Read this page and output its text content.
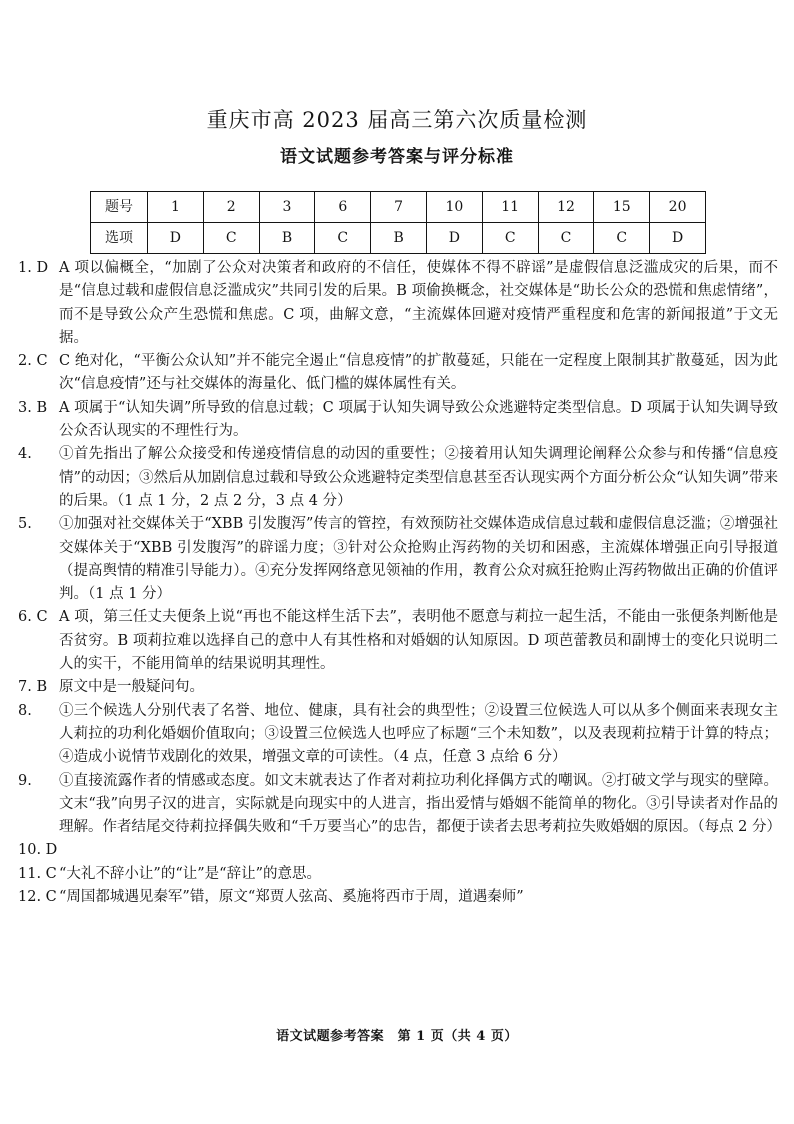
重庆市高 2023 届高三第六次质量检测
语文试题参考答案与评分标准
题号	1	2	3	6	7	10	11	12	15	20
选项	D	C	B	C	B	D	C	C	C	D
1. D A 项以偏概全，“加剧了公众对决策者和政府的不信任，使媒体不得不辟谣”是虚假信息泛滥成灾的后果，而不是“信息过载和虚假信息泛滥成灾”共同引发的后果。B 项偷换概念，社交媒体是“助长公众的恐慌和焦虑情绪”，而不是导致公众产生恐慌和焦虑。C 项，曲解文意，“主流媒体回避对疫情严重程度和危害的新闻报道”于文无据。
2. C C 绝对化，“平衡公众认知”并不能完全遏止“信息疫情”的扩散蔓延，只能在一定程度上限制其扩散蔓延，因为此次“信息疫情”还与社交媒体的海量化、低门槛的媒体属性有关。
3. B A 项属于“认知失调”所导致的信息过载；C 项属于认知失调导致公众逃避特定类型信息。D 项属于认知失调导致公众否认现实的不理性行为。
4. ①首先指出了解公众接受和传递疫情信息的动因的重要性；②接着用认知失调理论阐释公众参与和传播“信息疫情”的动因；③然后从加剧信息过载和导致公众逃避特定类型信息甚至否认现实两个方面分析公众“认知失调”带来的后果。（1 点 1 分，2 点 2 分，3 点 4 分）
5. ①加强对社交媒体关于“XBB 引发腹泻”传言的管控，有效预防社交媒体造成信息过载和虚假信息泛滥；②增强社交媒体关于“XBB 引发腹泻”的辟谣力度；③针对公众抢购止泻药物的关切和困惑，主流媒体增强正向引导报道（提高舆情的精准引导能力）。④充分发挥网络意见领袖的作用，教育公众对疯狂抢购止泻药物做出正确的价值评判。（1 点 1 分）
6. C A 项，第三任丈夫便条上说“再也不能这样生活下去”，表明他不愿意与莉拉一起生活，不能由一张便条判断他是否贫穷。B 项莉拉难以选择自己的意中人有其性格和对婚姻的认知原因。D 项芭蕾教员和副博士的变化只说明二人的实干，不能用简单的结果说明其理性。
7. B 原文中是一般疑问句。
8. ①三个候选人分别代表了名誉、地位、健康，具有社会的典型性；②设置三位候选人可以从多个侧面来表现女主人莉拉的功利化婚姻价值取向；③设置三位候选人也呼应了标题“三个未知数”，以及表现莉拉精于计算的特点；④造成小说情节戏剧化的效果，增强文章的可读性。（4 点，任意 3 点给 6 分）
9. ①直接流露作者的情感或态度。如文末就表达了作者对莉拉功利化择偶方式的嘲讽。②打破文学与现实的壁障。文末“我”向男子汉的进言，实际就是向现实中的人进言，指出爱情与婚姻不能简单的物化。③引导读者对作品的理解。作者结尾交待莉拉择偶失败和“千万要当心”的忠告，都便于读者去思考莉拉失败婚姻的原因。（每点 2 分）
10. D

11. C “大礼不辞小让”的“让”是“辞让”的意思。
12. C “周国都城遇见秦军”错，原文“郑贾人弦高、奚施将西市于周，道遇秦师”
语文试题参考答案　第 1 页（共 4 页）
